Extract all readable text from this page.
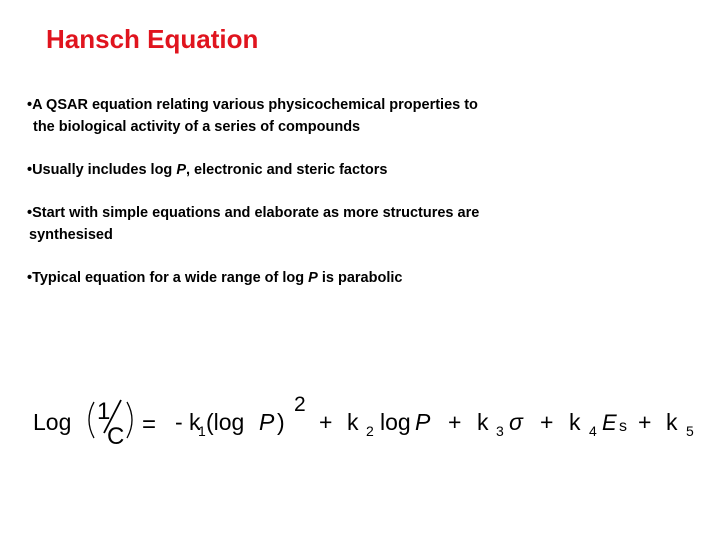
Hansch Equation
•A QSAR equation relating various physicochemical properties to
the biological activity of a series of compounds
•Usually includes log P, electronic and steric factors
•Start with simple equations and elaborate as more structures are
synthesised
•Typical equation for a wide range of log P is parabolic
Log 1
C = - k
1 (log P )
2
+ k 2 log P + k 3 σ + k 4 E s + k 5
